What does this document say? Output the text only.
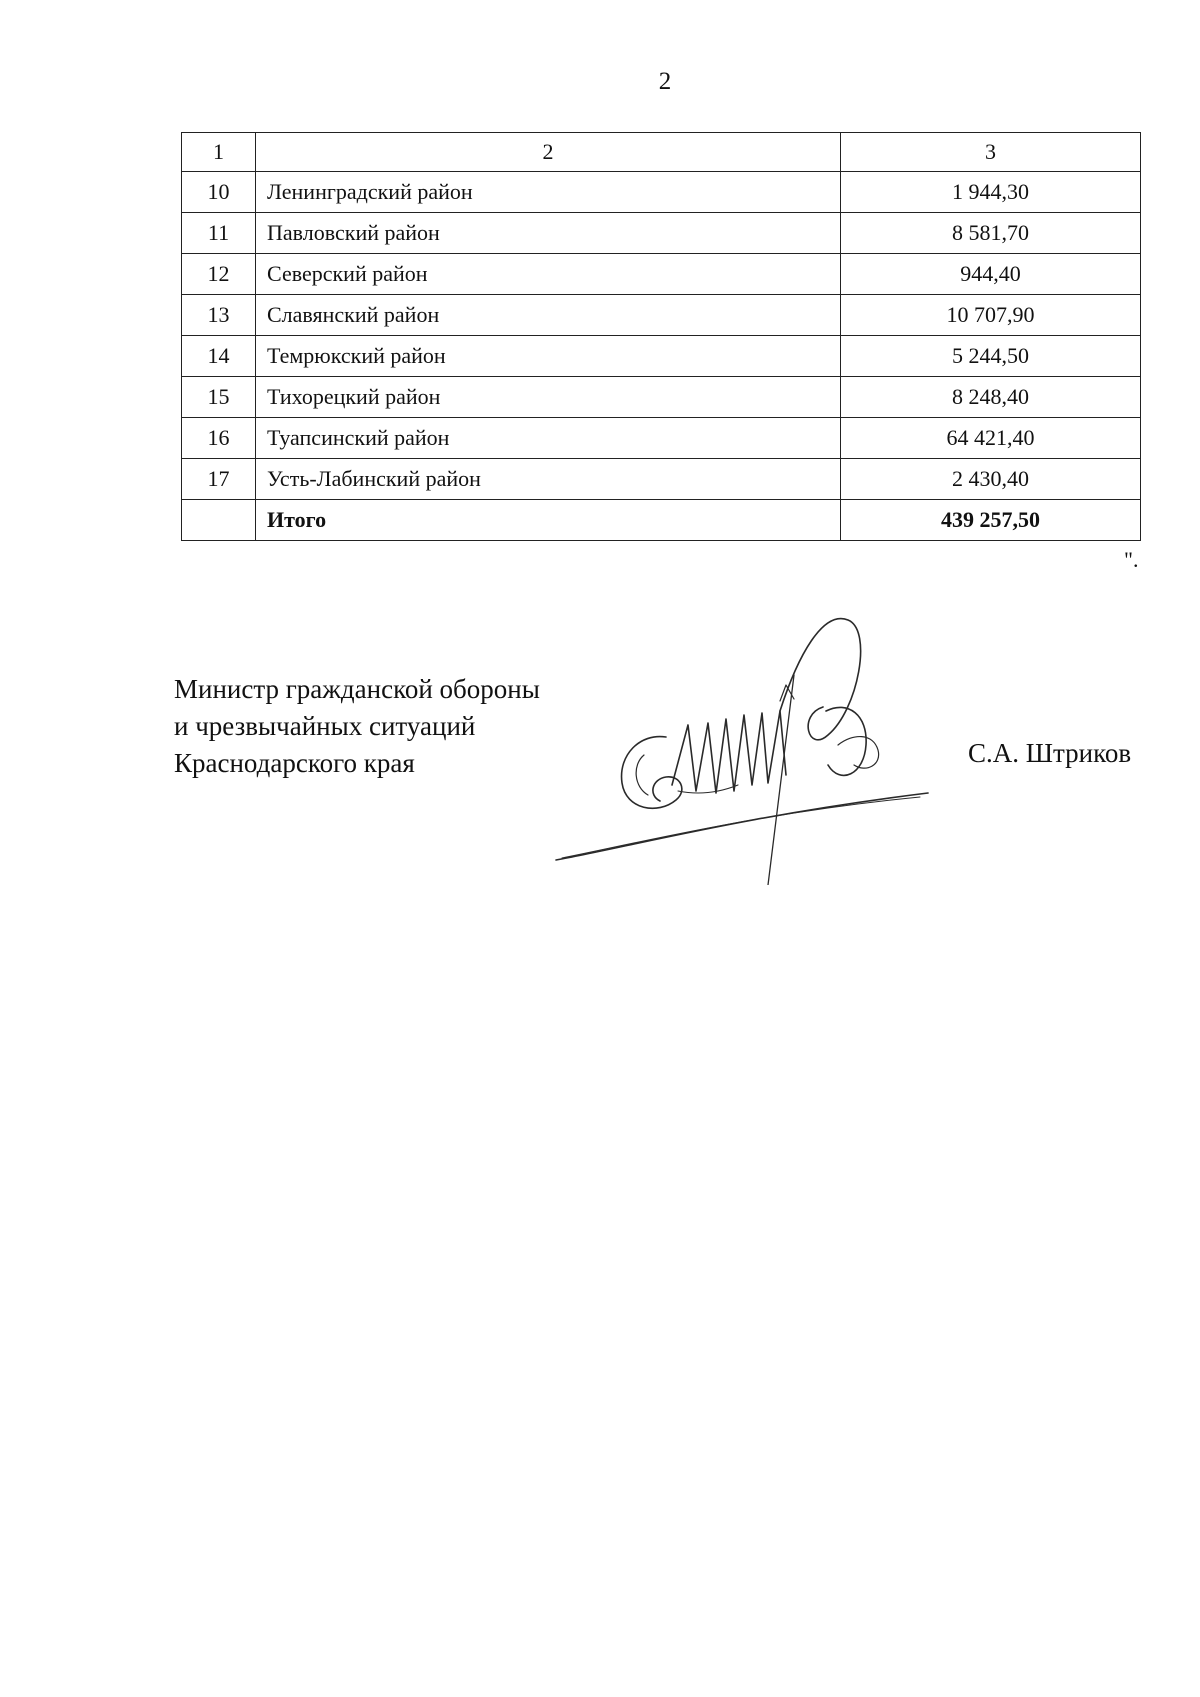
2
1	2	3
10	Ленинградский район	1 944,30
11	Павловский район	8 581,70
12	Северский район	944,40
13	Славянский район	10 707,90
14	Темрюкский район	5 244,50
15	Тихорецкий район	8 248,40
16	Туапсинский район	64 421,40
17	Усть-Лабинский район	2 430,40
	Итого	439 257,50
".
Министр гражданской обороны
и чрезвычайных ситуаций
Краснодарского края	С.А. Штриков
